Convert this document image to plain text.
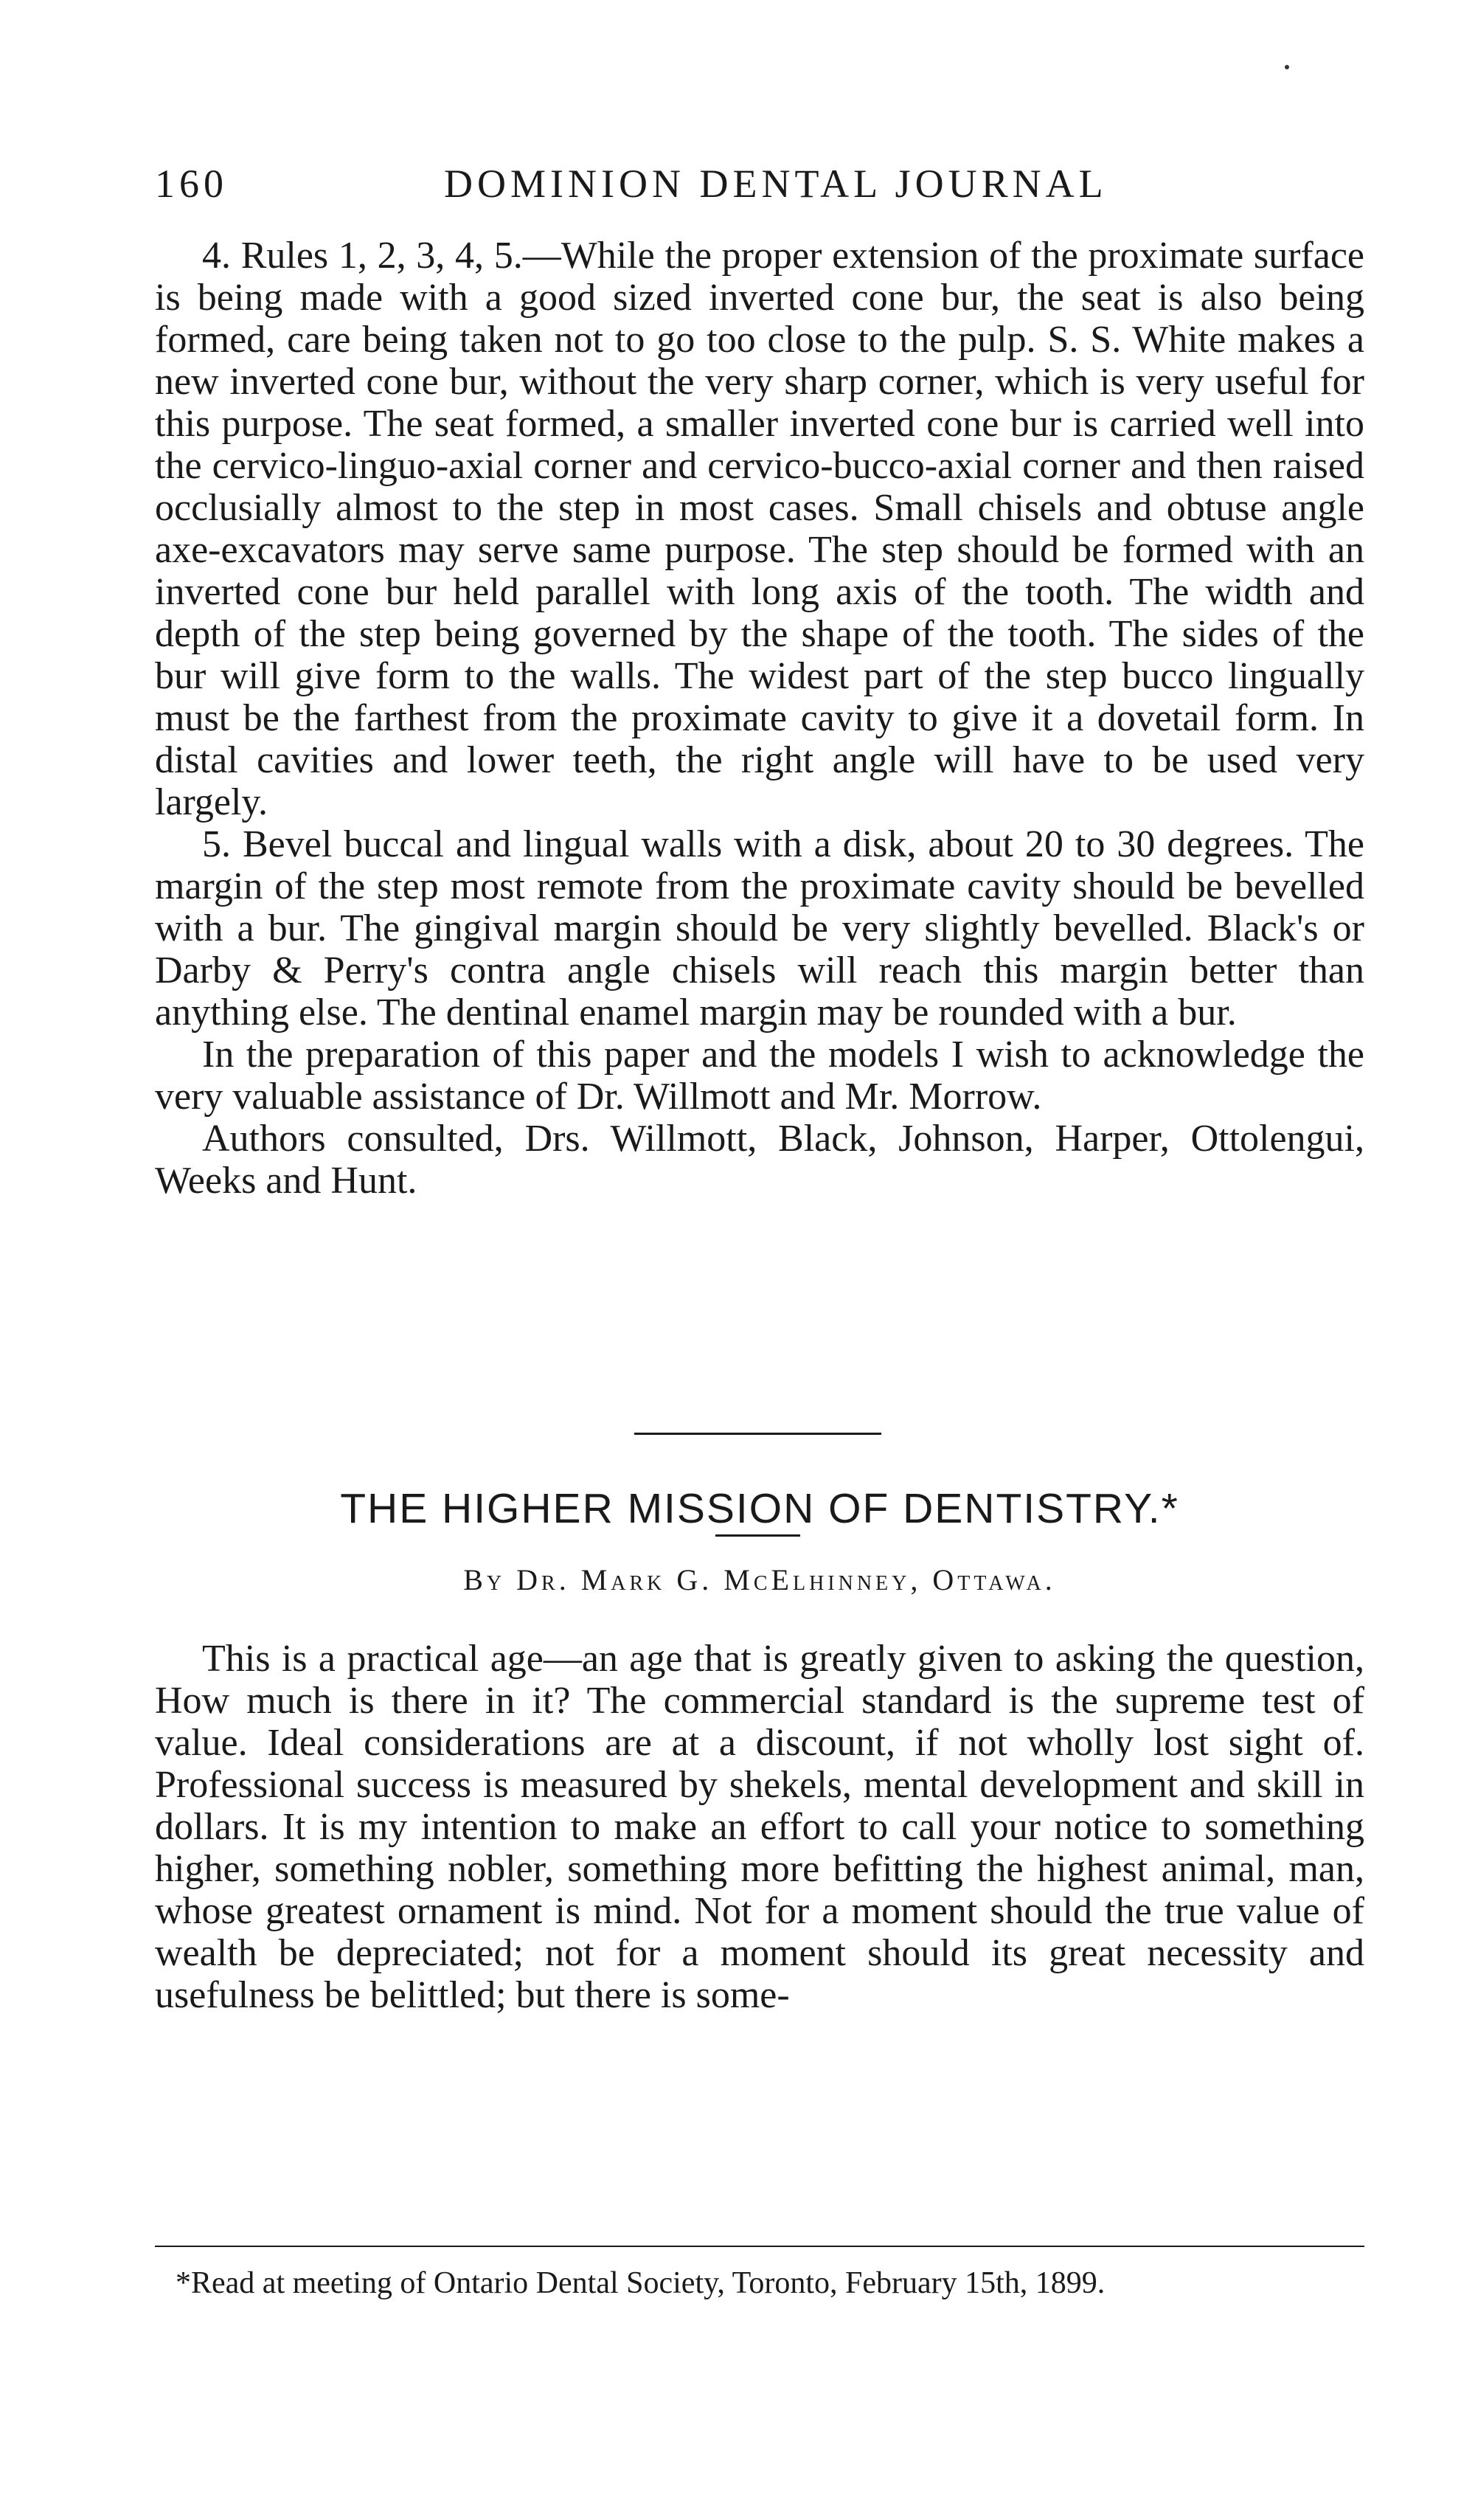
160	DOMINION DENTAL JOURNAL

4. Rules 1, 2, 3, 4, 5.—While the proper extension of the proximate surface is being made with a good sized inverted cone bur, the seat is also being formed, care being taken not to go too close to the pulp. S. S. White makes a new inverted cone bur, without the very sharp corner, which is very useful for this purpose. The seat formed, a smaller inverted cone bur is carried well into the cervico-linguo-axial corner and cervico-bucco-axial corner and then raised occlusially almost to the step in most cases. Small chisels and obtuse angle axe-excavators may serve same purpose. The step should be formed with an inverted cone bur held parallel with long axis of the tooth. The width and depth of the step being governed by the shape of the tooth. The sides of the bur will give form to the walls. The widest part of the step bucco lingually must be the farthest from the proximate cavity to give it a dovetail form. In distal cavities and lower teeth, the right angle will have to be used very largely.

5. Bevel buccal and lingual walls with a disk, about 20 to 30 degrees. The margin of the step most remote from the proximate cavity should be bevelled with a bur. The gingival margin should be very slightly bevelled. Black's or Darby & Perry's contra angle chisels will reach this margin better than anything else. The dentinal enamel margin may be rounded with a bur.

In the preparation of this paper and the models I wish to acknowledge the very valuable assistance of Dr. Willmott and Mr. Morrow.

Authors consulted, Drs. Willmott, Black, Johnson, Harper, Ottolengui, Weeks and Hunt.

THE HIGHER MISSION OF DENTISTRY.*
By Dr. Mark G. McElhinney, Ottawa.

This is a practical age—an age that is greatly given to asking the question, How much is there in it? The commercial standard is the supreme test of value. Ideal considerations are at a discount, if not wholly lost sight of. Professional success is measured by shekels, mental development and skill in dollars. It is my intention to make an effort to call your notice to something higher, something nobler, something more befitting the highest animal, man, whose greatest ornament is mind. Not for a moment should the true value of wealth be depreciated; not for a moment should its great necessity and usefulness be belittled; but there is some-

*Read at meeting of Ontario Dental Society, Toronto, February 15th, 1899.
